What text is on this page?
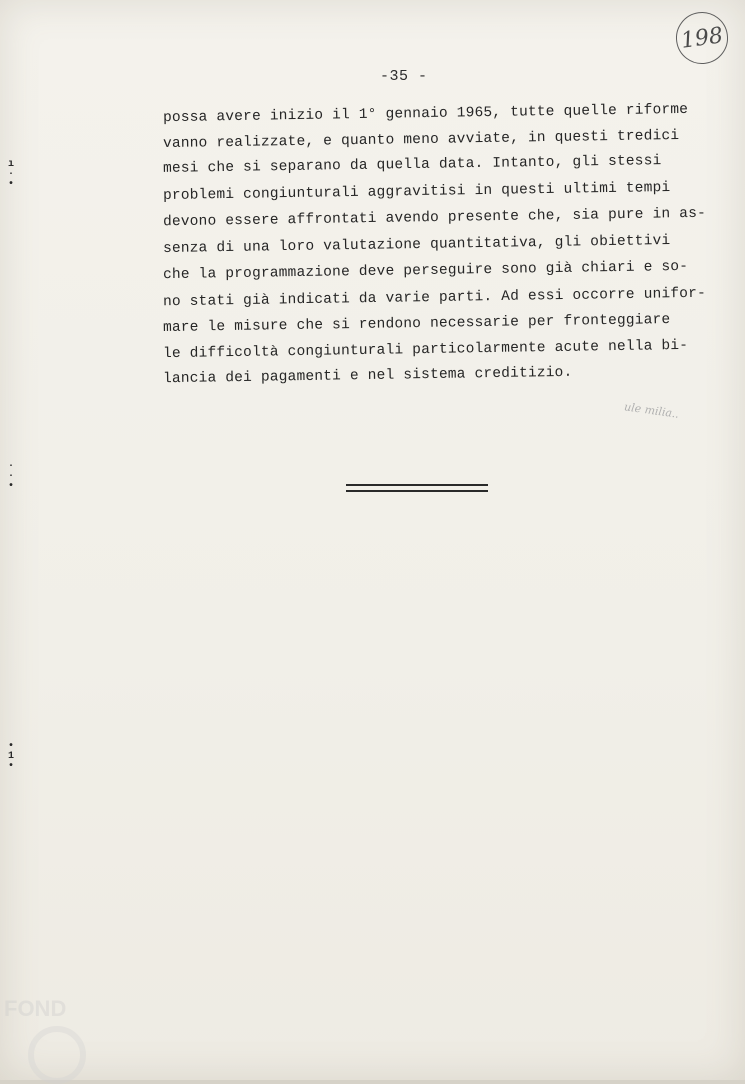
198
-35 -
possa avere inizio il 1° gennaio 1965, tutte quelle riforme
vanno realizzate, e quanto meno avviate, in questi tredici
mesi che si separano da quella data. Intanto, gli stessi
problemi congiunturali aggravitisi in questi ultimi tempi
devono essere affrontati avendo presente che, sia pure in as-
senza di una loro valutazione quantitativa, gli obiettivi
che la programmazione deve perseguire sono già chiari e so-
no stati già indicati da varie parti. Ad essi occorre unifor-
mare le misure che si rendono necessarie per fronteggiare
le difficoltà congiunturali particolarmente acute nella bi-
lancia dei pagamenti e nel sistema creditizio.
ule milia..
ı
·
•
·
·
•
•
1
•
FOND
